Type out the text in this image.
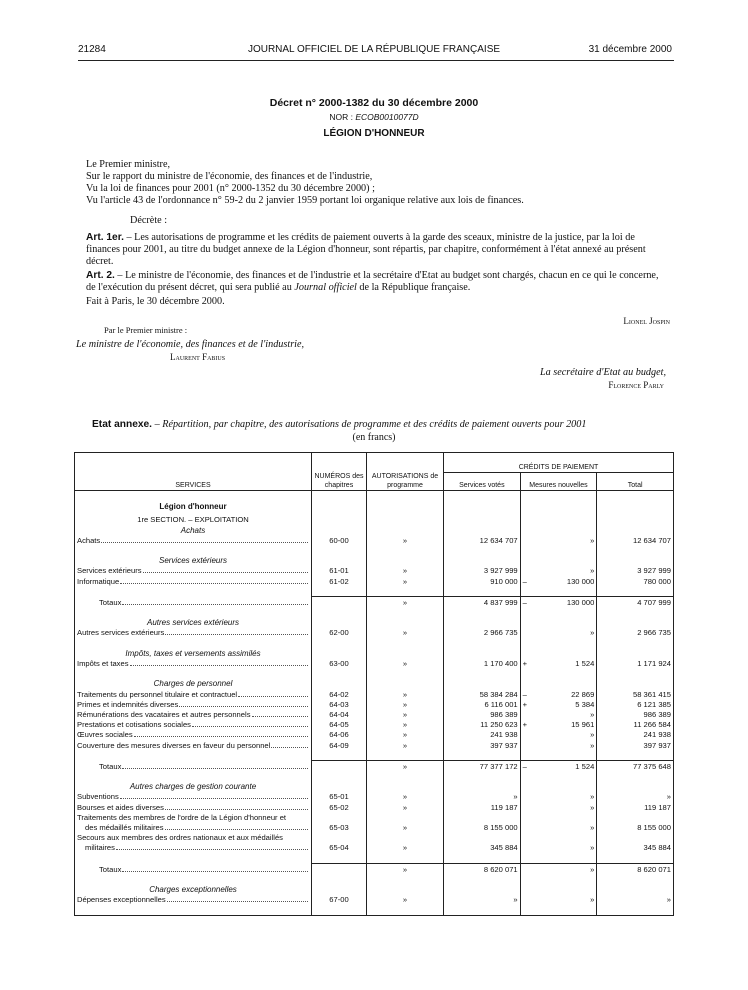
21284	JOURNAL OFFICIEL DE LA RÉPUBLIQUE FRANÇAISE	31 décembre 2000
Décret n° 2000-1382 du 30 décembre 2000
NOR : ECOB0010077D
LÉGION D'HONNEUR
Le Premier ministre,
Sur le rapport du ministre de l'économie, des finances et de l'industrie,
Vu la loi de finances pour 2001 (n° 2000-1352 du 30 décembre 2000) ;
Vu l'article 43 de l'ordonnance n° 59-2 du 2 janvier 1959 portant loi organique relative aux lois de finances.
Décrète :
Art. 1er. – Les autorisations de programme et les crédits de paiement ouverts à la garde des sceaux, ministre de la justice, par la loi de finances pour 2001, au titre du budget annexe de la Légion d'honneur, sont répartis, par chapitre, conformément à l'état annexé au présent décret.
Art. 2. – Le ministre de l'économie, des finances et de l'industrie et la secrétaire d'Etat au budget sont chargés, chacun en ce qui le concerne, de l'exécution du présent décret, qui sera publié au Journal officiel de la République française.
Fait à Paris, le 30 décembre 2000.
Lionel Jospin
Par le Premier ministre :
Le ministre de l'économie, des finances et de l'industrie,
Laurent Fabius
La secrétaire d'Etat au budget,
Florence Parly
Etat annexe. – Répartition, par chapitre, des autorisations de programme et des crédits de paiement ouverts pour 2001
(en francs)
SERVICES	NUMÉROS des chapitres	AUTORISATIONS de programme	CRÉDITS DE PAIEMENT		
			Services votés	Mesures nouvelles	Total

Légion d'honneur					
1re SECTION. – EXPLOITATION					
Achats					

Achats	60-00	»	12 634 707	»	12 634 707

Services extérieurs					

Services extérieurs	61-01	»	3 927 999	»	3 927 999

Informatique	61-02	»	910 000	– 130 000	780 000

Totaux		»	4 837 999	– 130 000	4 707 999

Autres services extérieurs					

Autres services extérieurs	62-00	»	2 966 735	»	2 966 735

Impôts, taxes et versements assimilés					

Impôts et taxes	63-00	»	1 170 400	+ 1 524	1 171 924

Charges de personnel					

Traitements du personnel titulaire et contractuel	64-02	»	58 384 284	– 22 869	58 361 415

Primes et indemnités diverses	64-03	»	6 116 001	+ 5 384	6 121 385

Rémunérations des vacataires et autres personnels	64-04	»	986 389	»	986 389

Prestations et cotisations sociales	64-05	»	11 250 623	+ 15 961	11 266 584

Œuvres sociales	64-06	»	241 938	»	241 938

Couverture des mesures diverses en faveur du personnel	64-09	»	397 937	»	397 937

Totaux		»	77 377 172	– 1 524	77 375 648

Autres charges de gestion courante					

Subventions	65-01	»	»	»	»

Bourses et aides diverses	65-02	»	119 187	»	119 187
Traitements des membres de l'ordre de la Légion d'honneur et					

des médaillés militaires	65-03	»	8 155 000	»	8 155 000
Secours aux membres des ordres nationaux et aux médaillés					

militaires	65-04	»	345 884	»	345 884

Totaux		»	8 620 071	»	8 620 071

Charges exceptionnelles					

Dépenses exceptionnelles	67-00	»	»	»	»
